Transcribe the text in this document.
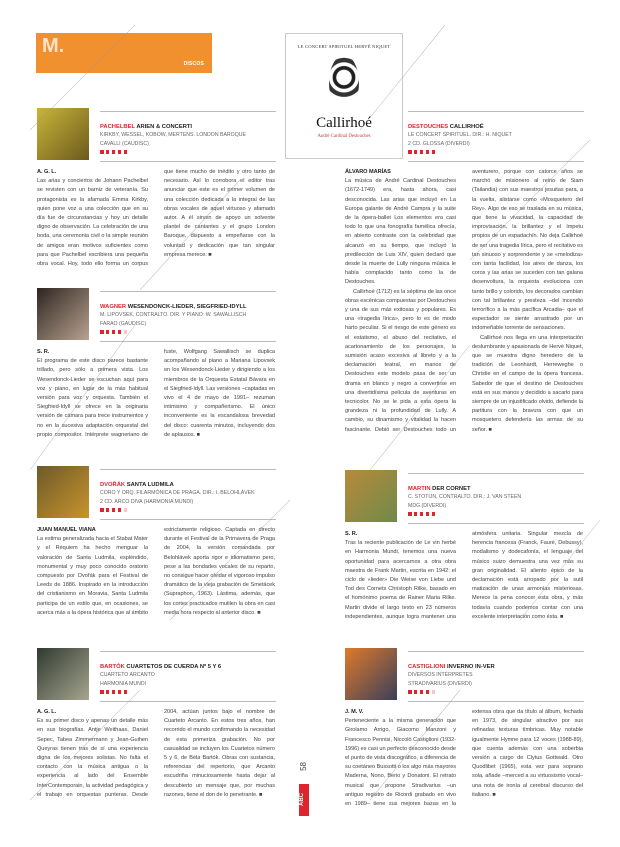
M.
DISCOS
LE CONCERT SPIRITUEL HERVÉ NIQUET
Callirhoé
André Cardinal Destouches
PACHELBEL ARIEN & CONCERTI
KIRKBY, WESSEL, KOBOW, MERTENS. LONDON BAROQUE
CAVALLI (CAUDISC)
A. G. L.

Las arias y conciertos de Johann Pachelbel se revisten con un barniz de veteranía. Su protagonista es la afamada Emma Kirkby, quien pone voz a una colección que en su día fue de circunstancias y hoy un detalle digno de observación. La celebración de una boda, una ceremonia civil o la simple reunión de amigos eran motivos suficientes como para que Pachelbel escribiera una pequeña obra vocal. Hoy, todo ello forma un corpus que tiene mucho de inédito y otro tanto de necesario. Así lo corrobora el editor tras anunciar que este es el primer volumen de una colección dedicada a la integral de las obras vocales de aquel virtuoso y afamado autor. A él sirven de apoyo un solvente plantel de cantantes y el grupo London Baroque, dispuesto a empeñarse con la voluntad y dedicación que tan singular empresa merece. ■

WAGNER WESENDONCK-LIEDER, SIEGFRIED-IDYLL
M. LIPOVSEK, CONTRALTO. DIR. Y PIANO: W. SAWALLISCH
FARAO (GAUDISC)
S. R.

El programa de este disco parece bastante trillado, pero sólo a primera vista. Los Wesendonck-Lieder se escuchan aquí para voz y piano, en lugar de la más habitual versión para voz y orquesta. También el Siegfried-Idyll se ofrece en la originaria versión de cámara para trece instrumentos y no en la sucesiva adaptación orquestal del propio compositor. Intérprete wagneriano de fuste, Wolfgang Sawallisch se duplica acompañando al piano a Mariana Lipovsek en los Wesendonck-Lieder y dirigiendo a los miembros de la Orquesta Estatal Bávara en el Siegfried-Idyll. Las versiones –captadas en vivo el 4 de mayo de 1991– rezuman intimismo y compañerismo. El único inconveniente es la escandalosa brevedad del disco: cuarenta minutos, incluyendo dos de aplausos. ■

DVOŘÁK SANTA LUDMILA
CORO Y ORQ. FILARMÓNICA DE PRAGA. DIR.: I. BELOHLÁVEK
2 CD. ARCO DIVA (HARMONIA MUNDI)
JUAN MANUEL VIANA

La estima generalizada hacia el Stabat Mater y el Réquiem ha hecho menguar la valoración de Santa Ludmila, espléndido, monumental y muy poco conocido oratorio compuesto por Dvořák para el Festival de Leeds de 1886. Inspirado en la introducción del cristianismo en Moravia, Santa Ludmila participa de un estilo que, en ocasiones, se acerca más a la ópera histórica que al ámbito estrictamente religioso. Captada en directo durante el Festival de la Primavera de Praga de 2004, la versión comandada por Belohlávek aporta rigor e idiomatismo pero, pese a las bondades vocales de su reparto, no consigue hacer olvidar el vigoroso impulso dramático de la vieja grabación de Smetácek (Supraphon, 1963). Lástima, además, que los cortes practicados mutilen la obra en casi media hora respecto al anterior disco. ■

BARTÓK CUARTETOS DE CUERDA Nº 5 Y 6
CUARTETO ARCANTO
HARMONIA MUNDI
A. G. L.

Es su primer disco y apenas un detalle más en sus biografías. Antje Weithaas, Daniel Sepec, Tabea Zimmermann y Jean-Guihen Queyras tienen tras de sí una experiencia digna de los mejores solistas. No falta el contacto con la música antigua o la experiencia al lado del Ensemble InterContemporain, la actividad pedagógica y el trabajo en orquestas punteras. Desde 2004, actúan juntos bajo el nombre de Cuarteto Arcanto. En estos tres años, han recorrido el mundo confirmando la necesidad de esta primeriza grabación. No por casualidad se incluyen los Cuartetos número 5 y 6, de Béla Bartók. Obras con sustancia, referencias del repertorio, que Arcanto escudriña minuciosamente hasta dejar al descubierto un mensaje que, por muchas razones, tiene el don de lo penetrante. ■

DESTOUCHES CALLIRHOÉ
LE CONCERT SPIRITUEL. DIR.: H. NIQUET
2 CD. GLOSSA (DIVERDI)
ÁLVARO MARÍAS

La música de André Cardinal Destouches (1672-1749) era, hasta ahora, casi desconocida. Las arias que incluyó en La Europa galante de André Campra y la suite de la ópera-ballet Los elementos era casi todo lo que una fonografía famélica ofrecía, en abierto contraste con la celebridad que alcanzó en su tiempo, que incluyó la predilección de Luis XIV, quien declaró que desde la muerte de Lully ninguna música le había complacido tanto como la de Destouches.

Callirhoé (1712) es la séptima de las once obras escénicas compuestas por Destouches y una de sus más exitosas y populares. Es una «tragedia lírica», pero lo es de modo harto peculiar. Si el riesgo de este género es el estatismo, el abuso del recitativo, el acartonamiento de los personajes, la sumisión acaso excesiva al libreto y a la declamación teatral, en manos de Destouches este modelo pasa de ser un drama en blanco y negro a convertirse en una divertidísima película de aventuras en tecnicolor. No se le pida a esta ópera la grandeza ni la profundidad de Lully. A cambio, su dinamismo y vitalidad la hacen fascinante. Debió ser Destouches todo un aventurero, porque con catorce años se marchó de misionero al reino de Siam (Tailandia) con sus maestros jesuitas para, a la vuelta, alistarse como «Mosquetero del Rey». Algo de eso se traslada en su música, que tiene la vivacidad, la capacidad de improvisación, la brillantez y el ímpetu propios de un espadachín. No deja Callirhoé de ser una tragedia lírica, pero el recitativo es tan sinuoso y sorprendente y se «melodiza» con tanta facilidad, los aires de danza, los coros y las arias se suceden con tan galana desenvoltura, la orquesta evoluciona con tanto brillo y colorido, los decorados cambian con tal brillantez y presteza –del incendio terrorífico a la más pacífica Arcadia– que el espectador se siente arrastrado por un indomeñable torrente de sensaciones.

Callirhoé nos llega en una interpretación deslumbrante y apasionada de Hervé Niquet, que se muestra digno heredero de la tradición de Leonhardt, Herreweghe o Christie en el campo de la ópera francesa. Sabedor de que el destino de Destouches está en sus manos y decidido a sacarlo para siempre de un injustificado olvido, defiende la partitura con la bravura con que un mosquetero defendería las armas de su señor. ■

MARTIN DER CORNET
C. STOTIJN, CONTRALTO. DIR.: J. VAN STEEN
MDG (DIVERDI)
S. R.

Tras la reciente publicación de Le vin herbé en Harmonia Mundi, tenemos una nueva oportunidad para acercarnos a otra obra maestra de Frank Martin, escrita en 1942: el ciclo de «lieder» Die Weise von Liebe und Tod des Cornets Christoph Rilke, basado en el homónimo poema de Rainer Maria Rilke. Martin divide el largo texto en 23 números independientes, aunque logra mantener una atmósfera unitaria. Singular mezcla de herencia francesa (Franck, Fauré, Debussy), modalismo y dodecafonía, el lenguaje del músico suizo demuestra una vez más su gran originalidad. El aliento épico de la declamación está arropado por la sutil matización de unas armonías misteriosas. Merece la pena conocer esta obra, y más todavía cuando podemos contar con una excelente interpretación como ésta. ■

CASTIGLIONI INVERNO IN-VER
DIVERSOS INTÉRPRETES
STRADIVARIUS (DIVERDI)
J. M. V.

Perteneciente a la misma generación que Girolamo Arrigo, Giacomo Manzoni y Francesco Pennisi, Niccolò Castiglioni (1932-1996) es casi un perfecto desconocido desde el punto de vista discográfico, a diferencia de su coetáneo Bussotti o los algo más mayores Maderna, Nono, Berio y Donatoni. El retrato musical que propone Stradivarius –un antiguo registro de Ricordi grabado en vivo en 1989– tiene sus mejores bazas en la extensa obra que da título al álbum, fechada en 1973, de singular atractivo por sus refinadas texturas tímbricas. Muy notable igualmente Hymne para 12 voces (1988-89), que cuenta además con una soberbia versión a cargo de Clytus Gottwald. Otro Quodlibet (1965), esta vez para soprano sola, añade –merced a su virtuosismo vocal– una nota de ironía al cerebral discurso del italiano. ■

58
ABC
